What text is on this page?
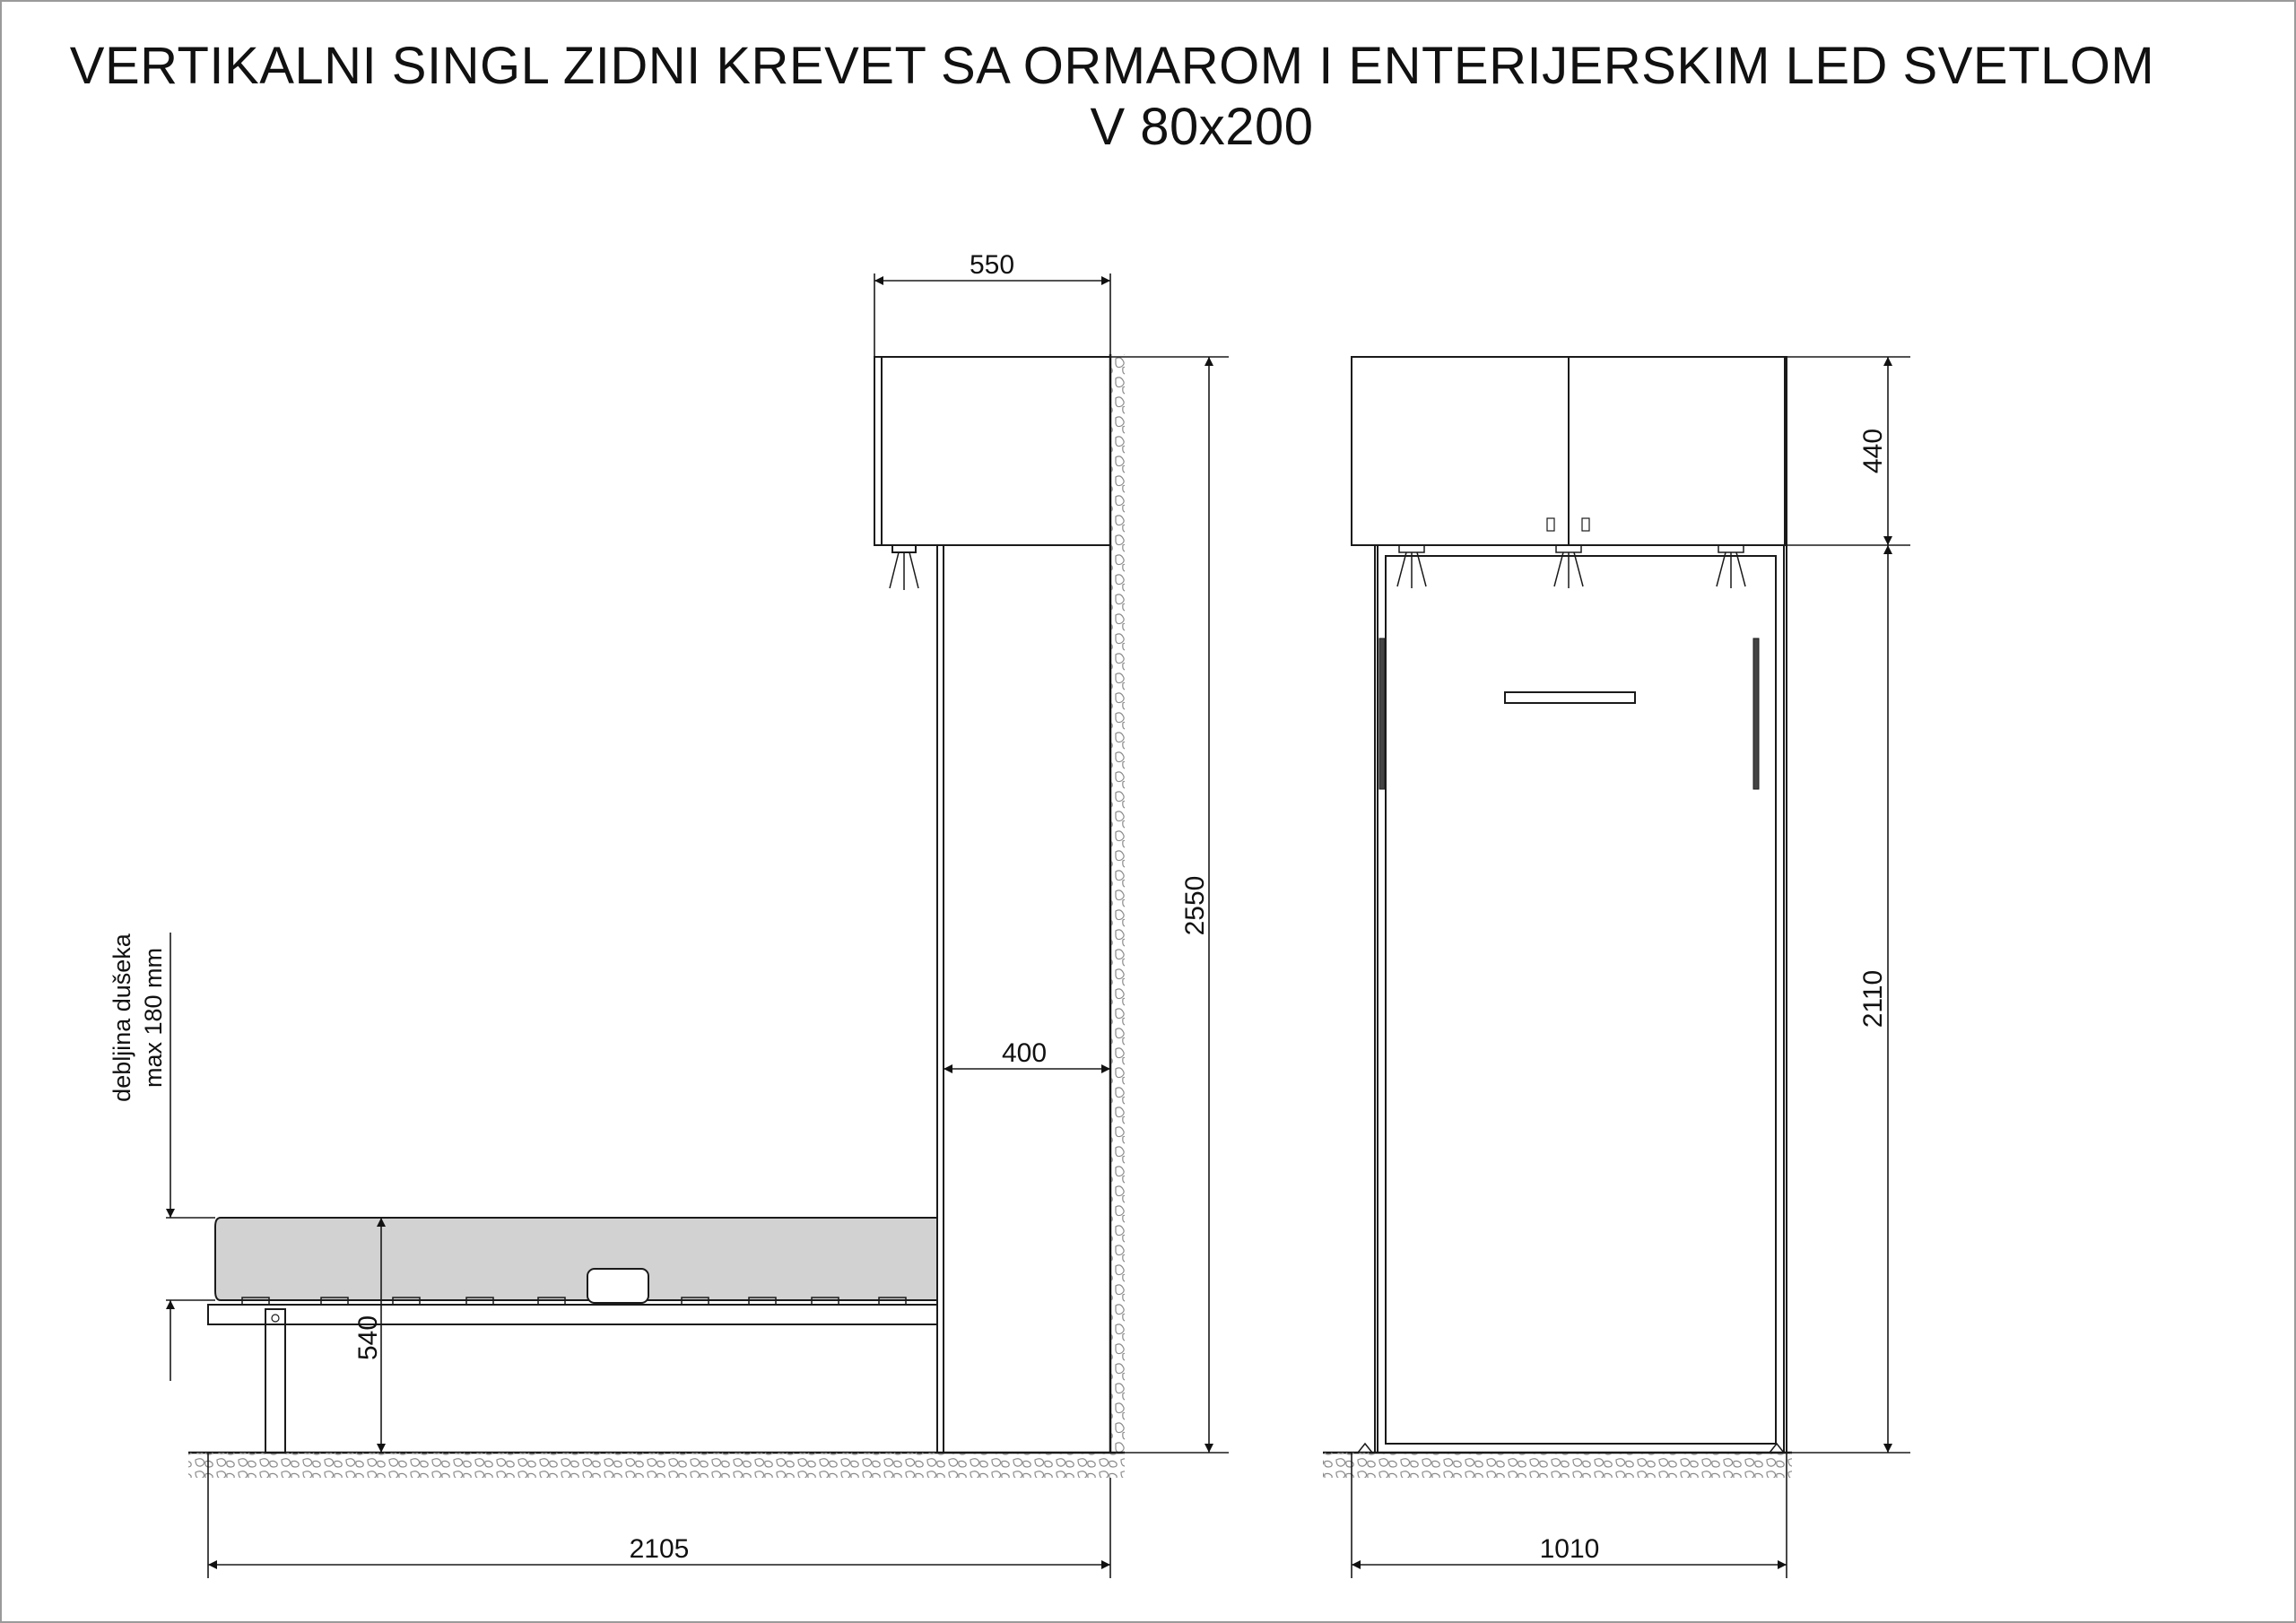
VERTIKALNI SINGL ZIDNI KREVET SA ORMAROM I ENTERIJERSKIM LED SVETLOM
V 80x200
550
2550
400
540
2105
440
2110
1010
debljina dušeka max 180 mm
